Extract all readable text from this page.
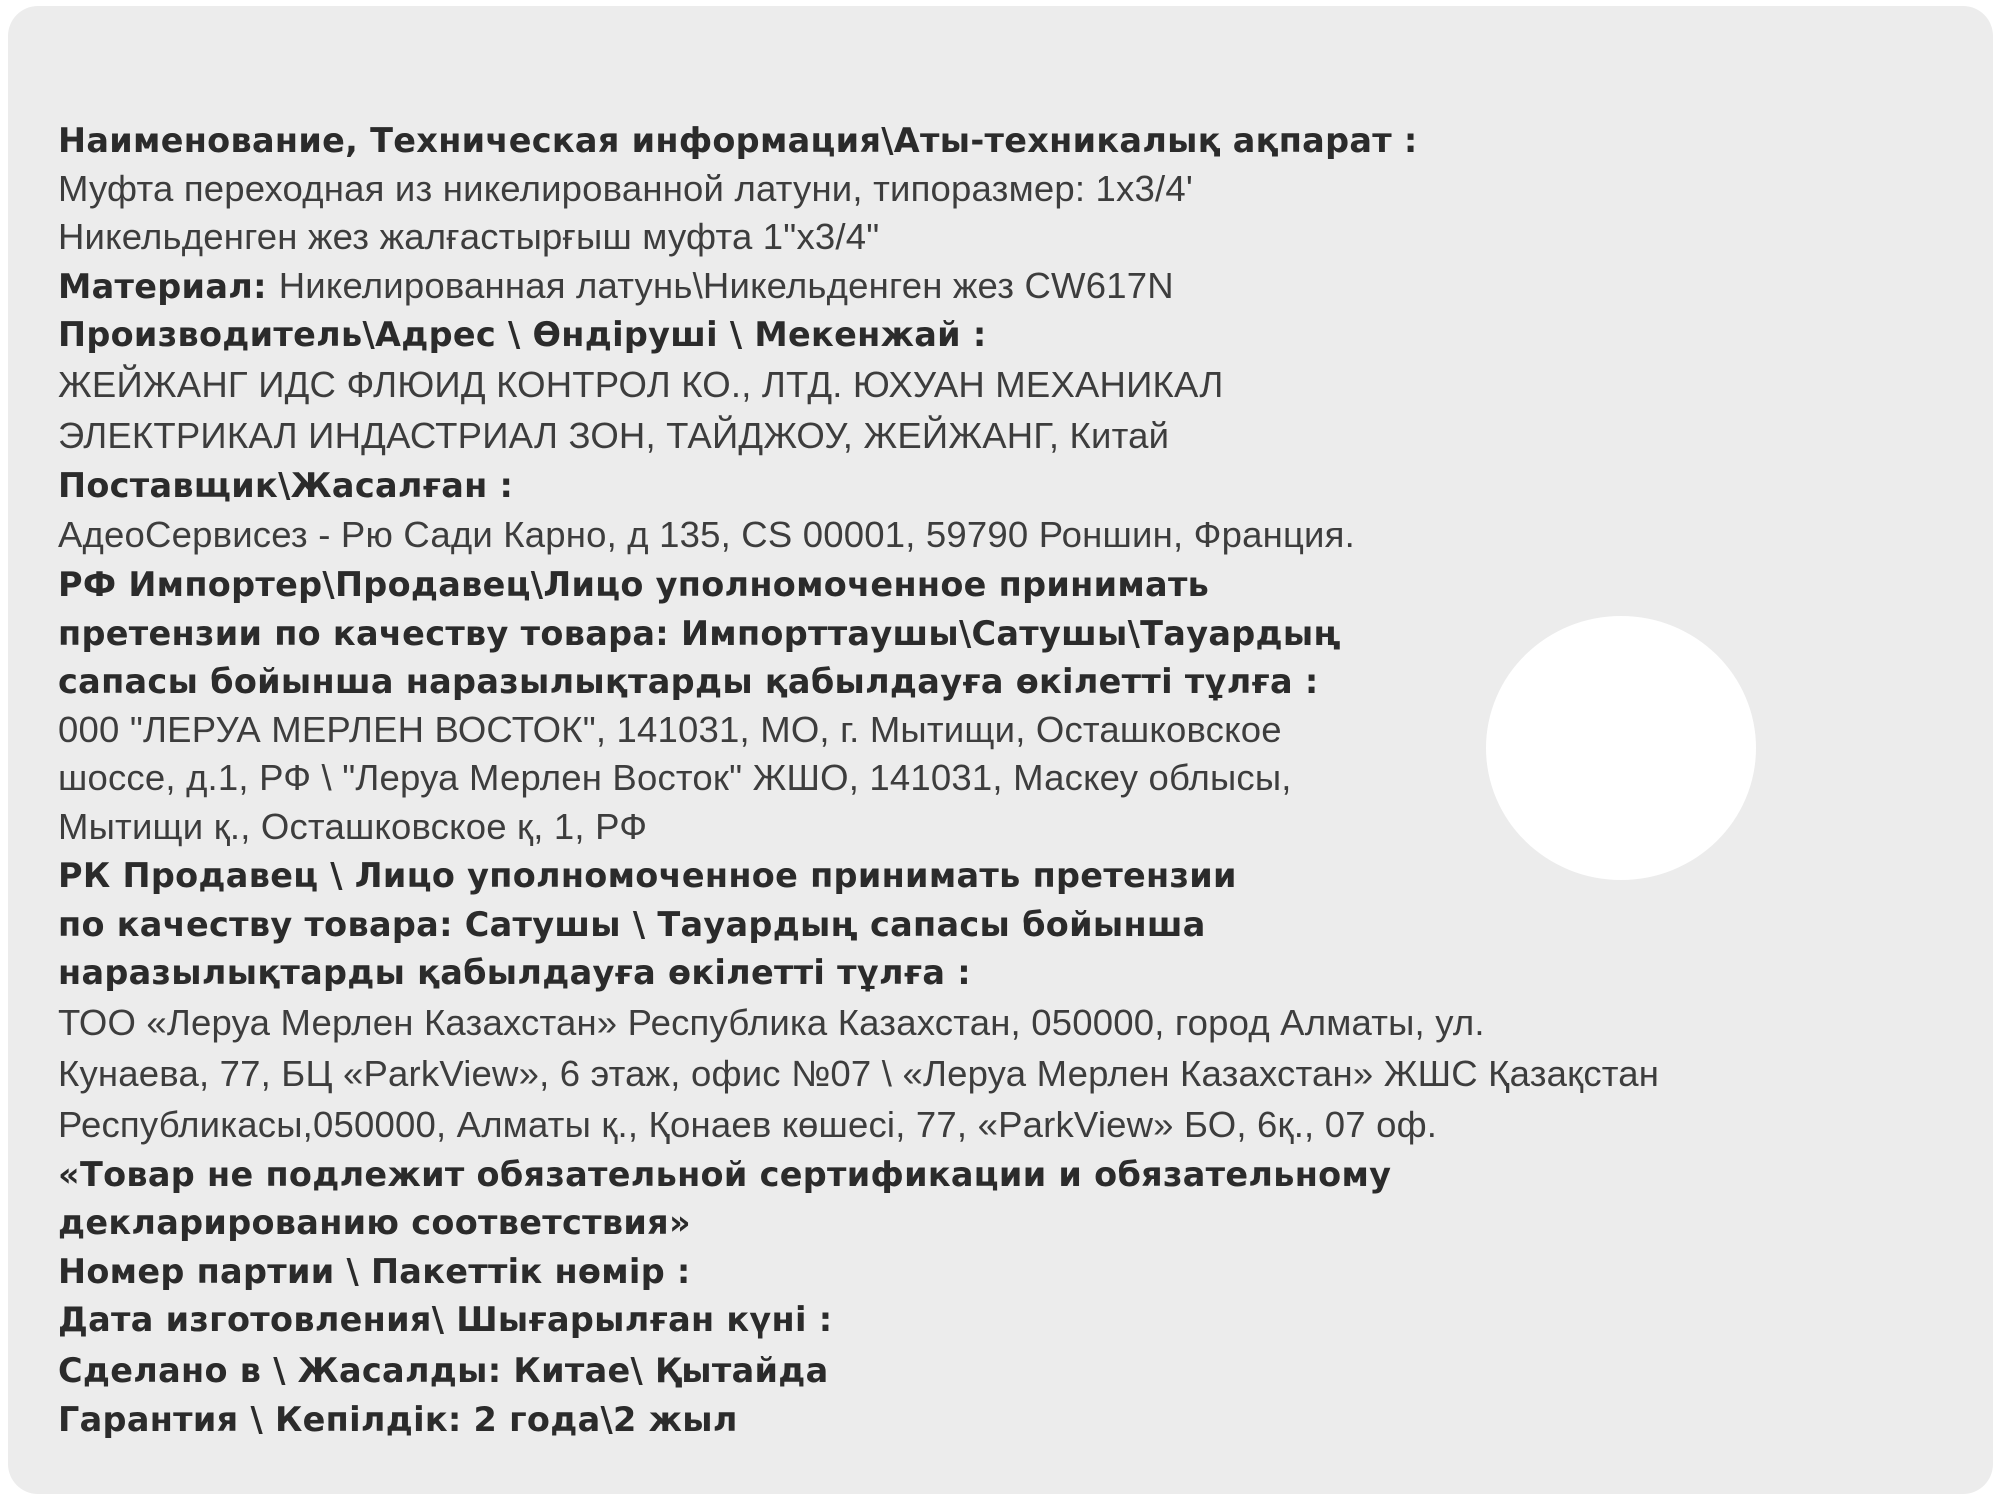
Наименование, Техническая информация\Аты-техникалық ақпарат :
Муфта переходная из никелированной латуни, типоразмер: 1х3/4'
Никельденген жез жалғастырғыш муфта 1"х3/4"
Материал: Никелированная латунь\Никельденген жез CW617N
Производитель\Адрес \ Өндіруші \ Мекенжай :
ЖЕЙЖАНГ ИДС ФЛЮИД КОНТРОЛ КО., ЛТД. ЮХУАН МЕХАНИКАЛ
ЭЛЕКТРИКАЛ ИНДАСТРИАЛ ЗОН, ТАЙДЖОУ, ЖЕЙЖАНГ, Китай
Поставщик\Жасалған :
АдеоСервисез - Рю Сади Карно, д 135, CS 00001, 59790 Роншин, Франция.
РФ Импортер\Продавец\Лицо уполномоченное принимать
претензии по качеству товара: Импорттаушы\Сатушы\Тауардың
сапасы бойынша наразылықтарды қабылдауға өкілетті тұлға :
000 "ЛЕРУА МЕРЛЕН ВОСТОК", 141031, МО, г. Мытищи, Осташковское
шоссе, д.1, РФ \ "Леруа Мерлен Восток" ЖШО, 141031, Маскеу облысы,
Мытищи қ., Осташковское қ, 1, РФ
РК Продавец \ Лицо уполномоченное принимать претензии
по качеству товара: Сатушы \ Тауардың сапасы бойынша
наразылықтарды қабылдауға өкілетті тұлға :
ТОО «Леруа Мерлен Казахстан» Республика Казахстан, 050000, город Алматы, ул.
Кунаева, 77, БЦ «ParkView», 6 этаж, офис №07 \ «Леруа Мерлен Казахстан» ЖШС Қазақстан
Республикасы,050000, Алматы қ., Қонаев көшесі, 77, «ParkView» БО, 6қ., 07 оф.
«Товар не подлежит обязательной сертификации и обязательному
декларированию соответствия»
Номер партии \ Пакеттік нөмір :
Дата изготовления\ Шығарылған күні :
Сделано в \ Жасалды: Китае\ Қытайда
Гарантия \ Кепілдік: 2 года\2 жыл
